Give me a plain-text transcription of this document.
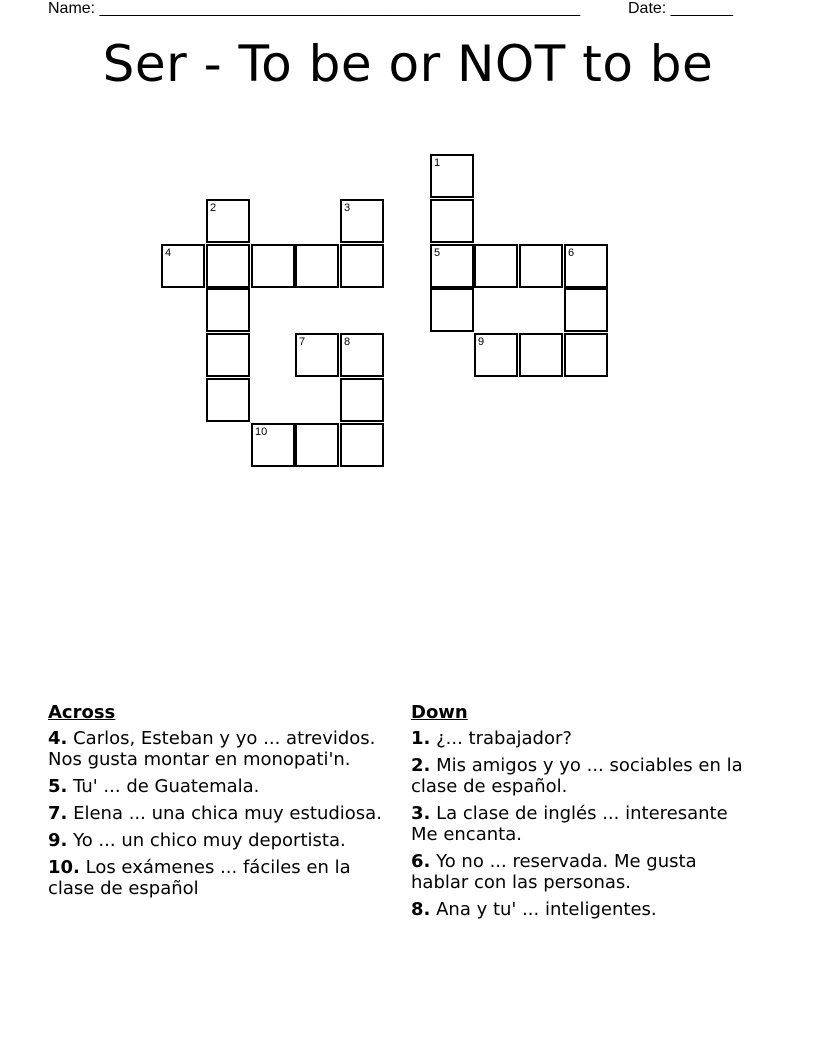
Name: ______________________________________________________	Date: _______
Ser - To be or NOT to be
2	3
4
7	8
10
1
5	6
9
Across
4. Carlos, Esteban y yo ... atrevidos. Nos gusta montar en monopati'n.
5. Tu' ... de Guatemala.
7. Elena ... una chica muy estudiosa.
9. Yo ... un chico muy deportista.
10. Los exámenes ... fáciles en la clase de español
Down
1. ¿... trabajador?
2. Mis amigos y yo ... sociables en la clase de español.
3. La clase de inglés ... interesante Me encanta.
6. Yo no ... reservada. Me gusta hablar con las personas.
8. Ana y tu' ... inteligentes.
